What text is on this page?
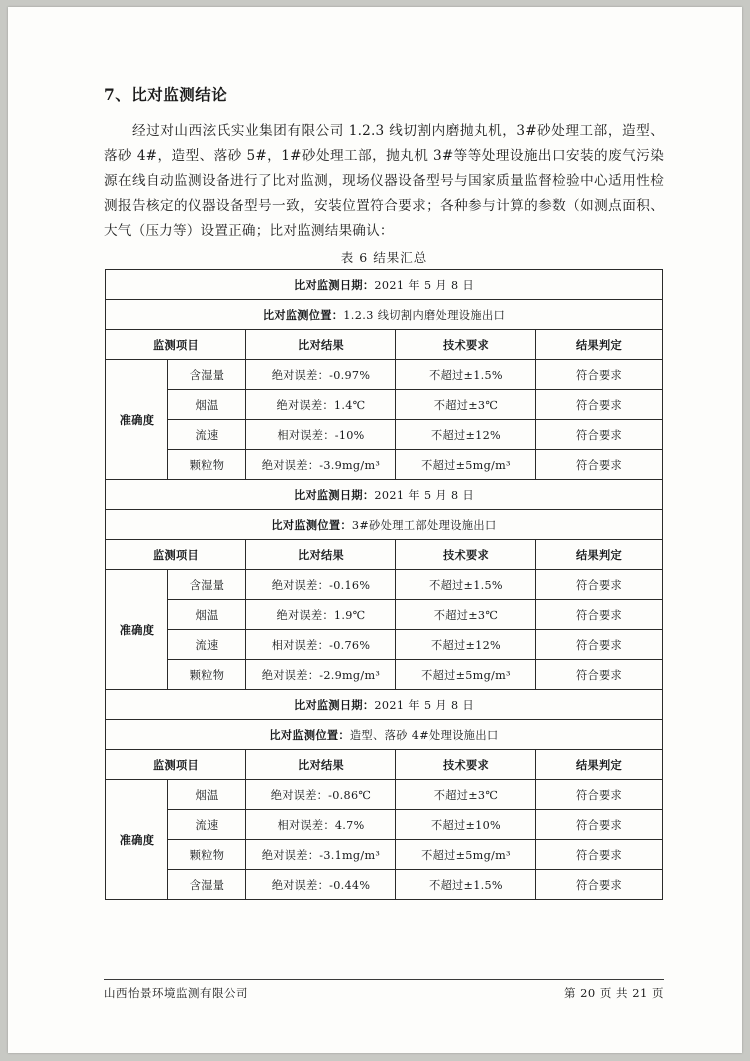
7、比对监测结论

经过对山西泫氏实业集团有限公司 1.2.3 线切割内磨抛丸机，3#砂处理工部，造型、落砂 4#，造型、落砂 5#，1#砂处理工部，抛丸机 3#等等处理设施出口安装的废气污染源在线自动监测设备进行了比对监测，现场仪器设备型号与国家质量监督检验中心适用性检测报告核定的仪器设备型号一致，安装位置符合要求；各种参与计算的参数（如测点面积、大气（压力等）设置正确；比对监测结果确认：

表 6 结果汇总
比对监测日期：2021 年 5 月 8 日				
比对监测位置：1.2.3 线切割内磨处理设施出口				
监测项目		比对结果	技术要求	结果判定
准确度	含湿量	绝对误差：-0.97%	不超过±1.5%	符合要求
	烟温	绝对误差：1.4℃	不超过±3℃	符合要求
	流速	相对误差：-10%	不超过±12%	符合要求
	颗粒物	绝对误差：-3.9mg/m³	不超过±5mg/m³	符合要求
比对监测日期：2021 年 5 月 8 日				
比对监测位置：3#砂处理工部处理设施出口				
监测项目		比对结果	技术要求	结果判定
准确度	含湿量	绝对误差：-0.16%	不超过±1.5%	符合要求
	烟温	绝对误差：1.9℃	不超过±3℃	符合要求
	流速	相对误差：-0.76%	不超过±12%	符合要求
	颗粒物	绝对误差：-2.9mg/m³	不超过±5mg/m³	符合要求
比对监测日期：2021 年 5 月 8 日				
比对监测位置：造型、落砂 4#处理设施出口				
监测项目		比对结果	技术要求	结果判定
准确度	烟温	绝对误差：-0.86℃	不超过±3℃	符合要求
	流速	相对误差：4.7%	不超过±10%	符合要求
	颗粒物	绝对误差：-3.1mg/m³	不超过±5mg/m³	符合要求
	含湿量	绝对误差：-0.44%	不超过±1.5%	符合要求
山西怡景环境监测有限公司	第 20 页 共 21 页
